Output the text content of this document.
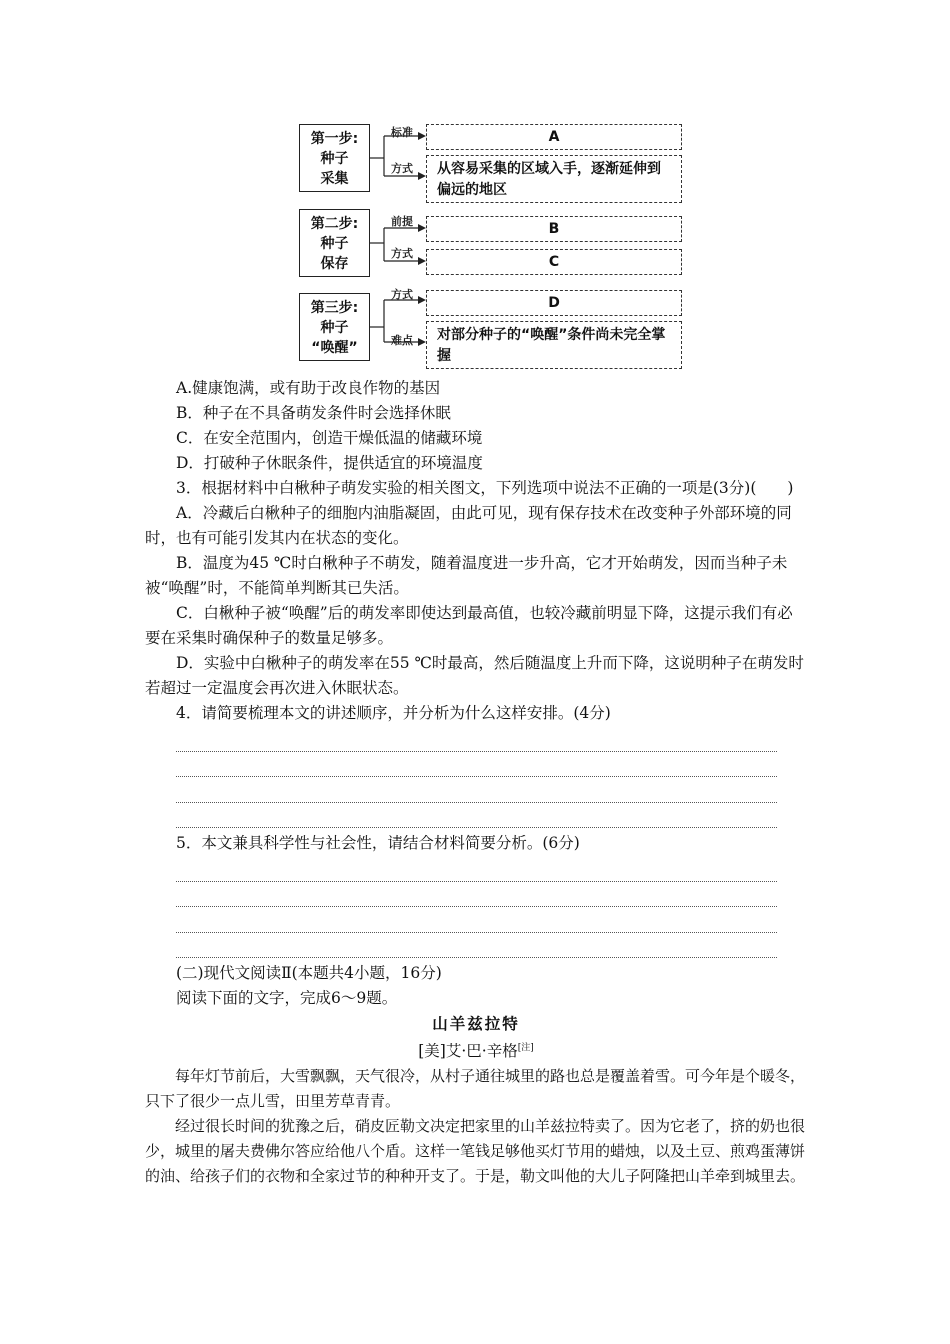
第一步:
种子
采集
标准
方式
A
从容易采集的区域入手，逐渐延伸到偏远的地区
第二步:
种子
保存
前提
方式
B
C
第三步:
种子
“唤醒”
方式
难点
D
对部分种子的“唤醒”条件尚未完全掌握

A.健康饱满，或有助于改良作物的基因

B．种子在不具备萌发条件时会选择休眠

C．在安全范围内，创造干燥低温的储藏环境

D．打破种子休眠条件，提供适宜的环境温度

3．根据材料中白楸种子萌发实验的相关图文，下列选项中说法不正确的一项是(3分)(　　)

A．冷藏后白楸种子的细胞内油脂凝固，由此可见，现有保存技术在改变种子外部环境的同时，也有可能引发其内在状态的变化。

B．温度为45 ℃时白楸种子不萌发，随着温度进一步升高，它才开始萌发，因而当种子未被“唤醒”时，不能简单判断其已失活。

C．白楸种子被“唤醒”后的萌发率即使达到最高值，也较冷藏前明显下降，这提示我们有必要在采集时确保种子的数量足够多。

D．实验中白楸种子的萌发率在55 ℃时最高，然后随温度上升而下降，这说明种子在萌发时若超过一定温度会再次进入休眠状态。

4．请简要梳理本文的讲述顺序，并分析为什么这样安排。(4分)

5．本文兼具科学性与社会性，请结合材料简要分析。(6分)

(二)现代文阅读Ⅱ(本题共4小题，16分)

阅读下面的文字，完成6～9题。

山羊兹拉特

[美]艾·巴·辛格[注]

每年灯节前后，大雪飘飘，天气很冷，从村子通往城里的路也总是覆盖着雪。可今年是个暖冬，只下了很少一点儿雪，田里芳草青青。

经过很长时间的犹豫之后，硝皮匠勒文决定把家里的山羊兹拉特卖了。因为它老了，挤的奶也很少，城里的屠夫费佛尔答应给他八个盾。这样一笔钱足够他买灯节用的蜡烛，以及土豆、煎鸡蛋薄饼的油、给孩子们的衣物和全家过节的种种开支了。于是，勒文叫他的大儿子阿隆把山羊牵到城里去。
